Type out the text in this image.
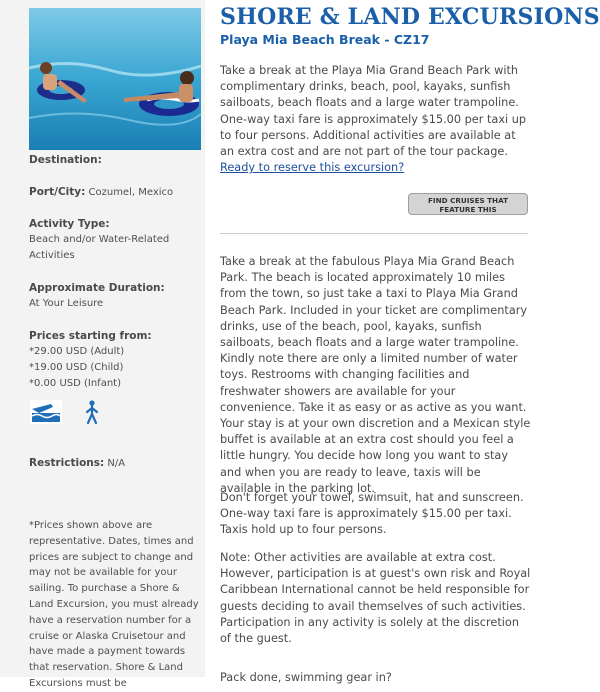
Destination:
Port/City: Cozumel, Mexico
Activity Type:
Beach and/or Water-Related
Activities
Approximate Duration:
At Your Leisure
Prices starting from:
*29.00 USD (Adult)
*19.00 USD (Child)
*0.00 USD (Infant)
Restrictions: N/A
*Prices shown above are representative. Dates, times and prices are subject to change and may not be available for your sailing. To purchase a Shore & Land Excursion, you must already have a reservation number for a cruise or Alaska Cruisetour and have made a payment towards that reservation. Shore & Land Excursions must be
SHORE & LAND EXCURSIONS
Playa Mia Beach Break - CZ17
Take a break at the Playa Mia Grand Beach Park with complimentary drinks, beach, pool, kayaks, sunfish sailboats, beach floats and a large water trampoline. One-way taxi fare is approximately $15.00 per taxi up to four persons. Additional activities are available at an extra cost and are not part of the tour package.
Ready to reserve this excursion?
FIND CRUISES THAT
FEATURE THIS
Take a break at the fabulous Playa Mia Grand Beach Park. The beach is located approximately 10 miles from the town, so just take a taxi to Playa Mia Grand Beach Park. Included in your ticket are complimentary drinks, use of the beach, pool, kayaks, sunfish sailboats, beach floats and a large water trampoline. Kindly note there are only a limited number of water toys. Restrooms with changing facilities and freshwater showers are available for your convenience. Take it as easy or as active as you want. Your stay is at your own discretion and a Mexican style buffet is available at an extra cost should you feel a little hungry. You decide how long you want to stay and when you are ready to leave, taxis will be available in the parking lot.
Don't forget your towel, swimsuit, hat and sunscreen. One-way taxi fare is approximately $15.00 per taxi. Taxis hold up to four persons.
Note: Other activities are available at extra cost. However, participation is at guest's own risk and Royal Caribbean International cannot be held responsible for guests deciding to avail themselves of such activities. Participation in any activity is solely at the discretion of the guest.
Pack done, swimming gear in?
